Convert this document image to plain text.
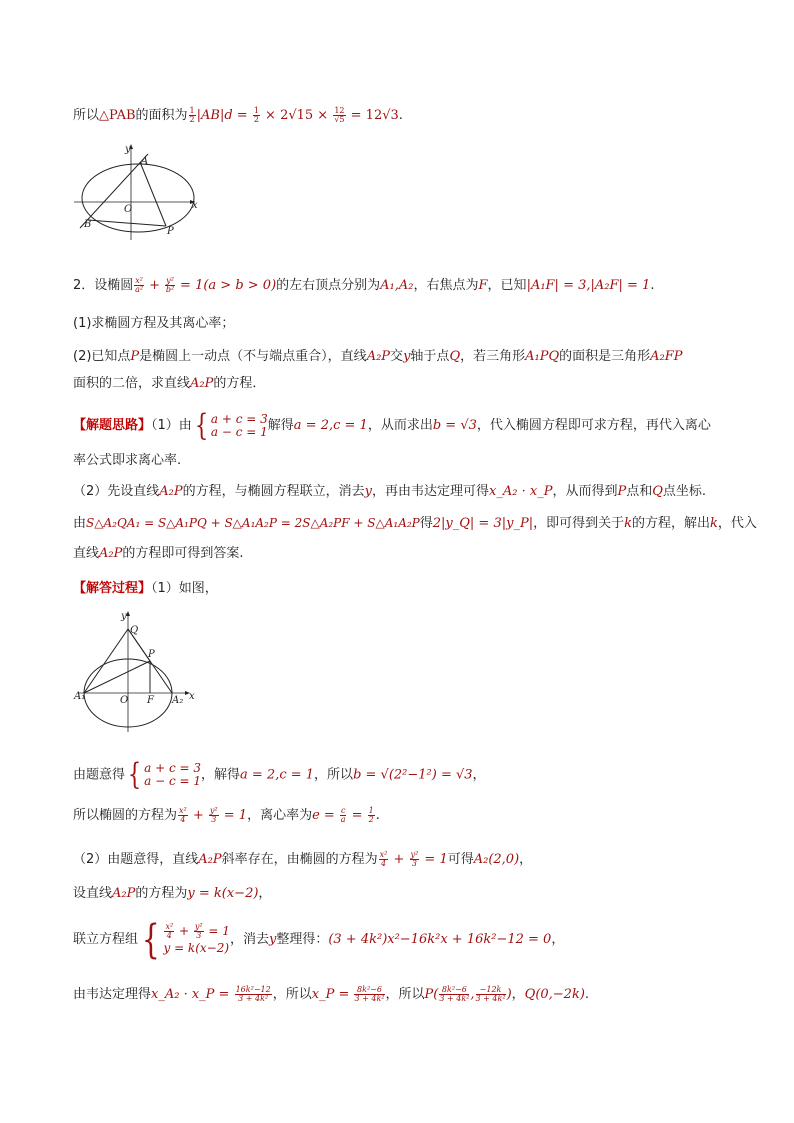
所以△PAB的面积为 $\frac{1}{2} |AB|d = \frac{1}{2} \times 2√15 \times \frac{12}{√5} = 12√3$.
y
x
O
A
B
P
2．设椭圆 $\frac{\text{x²}}{\text{a²}} + \frac{\text{y²}}{\text{b²}} = 1(a > b > 0)$的左右顶点分别为A₁,A₂，右焦点为F，已知|A₁F| = 3,|A₂F| = 1.
(1)求椭圆方程及其离心率；
(2)已知点P是椭圆上一动点（不与端点重合），直线A₂P交y轴于点Q，若三角形A₁PQ的面积是三角形A₂FP
面积的二倍，求直线A₂P的方程．
【解题思路】（1）由 { a + c = 3
a − c = 1 解得a = 2,c = 1，从而求出b = √3，代入椭圆方程即可求方程，再代入离心
率公式即求离心率.
（2）先设直线A₂P的方程，与椭圆方程联立，消去y，再由韦达定理可得x_A₂ · x_P，从而得到P点和Q点坐标.
由S△A₂QA₁ = S△A₁PQ + S△A₁A₂P = 2S△A₂PF + S△A₁A₂P得2|y_Q| = 3|y_P|，即可得到关于k的方程，解出k，代入
直线A₂P的方程即可得到答案.
【解答过程】（1）如图，
y
Q
P
A₁	O F A₂ x
由题意得 { a + c = 3
a − c = 1 ，解得a = 2,c = 1，所以b = √(2²−1²) = √3，
所以椭圆的方程为 $\frac{\text{x²}}{4} + \frac{\text{y²}}{3} = 1$，离心率为$e = \frac{c}{a} = \frac{1}{2}$ .
（2）由题意得，直线A₂P斜率存在，由椭圆的方程为 $\frac{\text{x²}}{4} + \frac{\text{y²}}{3} = 1$可得A₂(2,0)，
设直线A₂P的方程为y = k(x−2)，
联立方程组 { $\frac{\text{x²}}{4} + \frac{\text{y²}}{3} = 1$
y = k(x−2)
，消去y整理得：(3 + 4k²)x²−16k²x + 16k²−12 = 0，
由韦达定理得x_A₂ · x_P = $\frac{\text{16k²−12}}{\text{3 + 4k²}}$ ，所以x_P = $\frac{\text{8k²−6}}{\text{3 + 4k²}}$ ，所以$P( \frac{\text{8k²−6}}{\text{3 + 4k²}}$ , $\frac{-12k}{\text{3 + 4k²}}$ )，Q(0,−2k).
